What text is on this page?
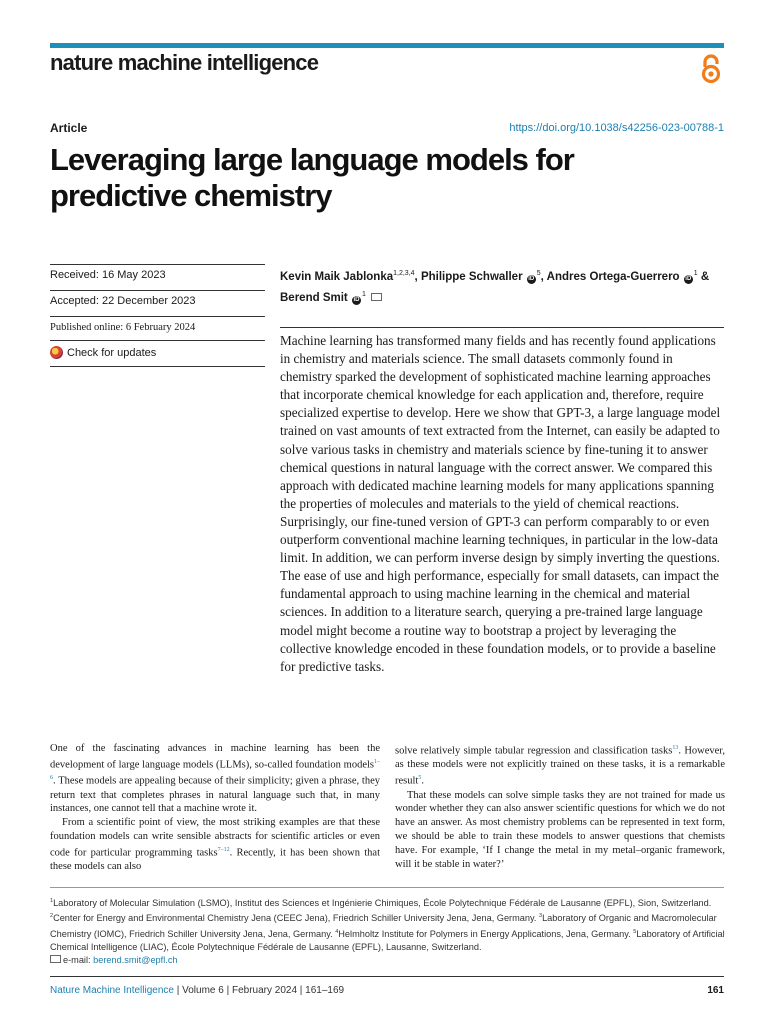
nature machine intelligence
Article	https://doi.org/10.1038/s42256-023-00788-1
Leveraging large language models for predictive chemistry
Received: 16 May 2023
Accepted: 22 December 2023
Published online: 6 February 2024
Check for updates
Kevin Maik Jablonka$^{1,2,3,4}$, Philippe Schwaller $iD^5$, Andres Ortega-Guerrero $iD^1$ & Berend Smit $iD^1$

Machine learning has transformed many fields and has recently found applications in chemistry and materials science. The small datasets commonly found in chemistry sparked the development of sophisticated machine learning approaches that incorporate chemical knowledge for each application and, therefore, require specialized expertise to develop. Here we show that GPT-3, a large language model trained on vast amounts of text extracted from the Internet, can easily be adapted to solve various tasks in chemistry and materials science by fine-tuning it to answer chemical questions in natural language with the correct answer. We compared this approach with dedicated machine learning models for many applications spanning the properties of molecules and materials to the yield of chemical reactions. Surprisingly, our fine-tuned version of GPT-3 can perform comparably to or even outperform conventional machine learning techniques, in particular in the low-data limit. In addition, we can perform inverse design by simply inverting the questions. The ease of use and high performance, especially for small datasets, can impact the fundamental approach to using machine learning in the chemical and material sciences. In addition to a literature search, querying a pre-trained large language model might become a routine way to bootstrap a project by leveraging the collective knowledge encoded in these foundation models, or to provide a baseline for predictive tasks.

One of the fascinating advances in machine learning has been the development of large language models (LLMs), so-called foundation models$^{1-6}$. These models are appealing because of their simplicity; given a phrase, they return text that completes phrases in natural language such that, in many instances, one cannot tell that a machine wrote it.

From a scientific point of view, the most striking examples are that these foundation models can write sensible abstracts for scientific articles or even code for particular programming tasks$^{7-12}$. Recently, it has been shown that these models can also

solve relatively simple tabular regression and classification tasks$^{13}$. However, as these models were not explicitly trained on these tasks, it is a remarkable result$^5$.

That these models can solve simple tasks they are not trained for made us wonder whether they can also answer scientific questions for which we do not have an answer. As most chemistry problems can be represented in text form, we should be able to train these models to answer questions that chemists have. For example, ‘If I change the metal in my metal–organic framework, will it be stable in water?’

$^1$Laboratory of Molecular Simulation (LSMO), Institut des Sciences et Ingénierie Chimiques, École Polytechnique Fédérale de Lausanne (EPFL), Sion, Switzerland. $^2$Center for Energy and Environmental Chemistry Jena (CEEC Jena), Friedrich Schiller University Jena, Jena, Germany. $^3$Laboratory of Organic and Macromolecular Chemistry (IOMC), Friedrich Schiller University Jena, Jena, Germany. $^4$Helmholtz Institute for Polymers in Energy Applications, Jena, Germany. $^5$Laboratory of Artificial Chemical Intelligence (LIAC), École Polytechnique Fédérale de Lausanne (EPFL), Lausanne, Switzerland.
e-mail: berend.smit@epfl.ch
Nature Machine Intelligence | Volume 6 | February 2024 | 161–169	161
